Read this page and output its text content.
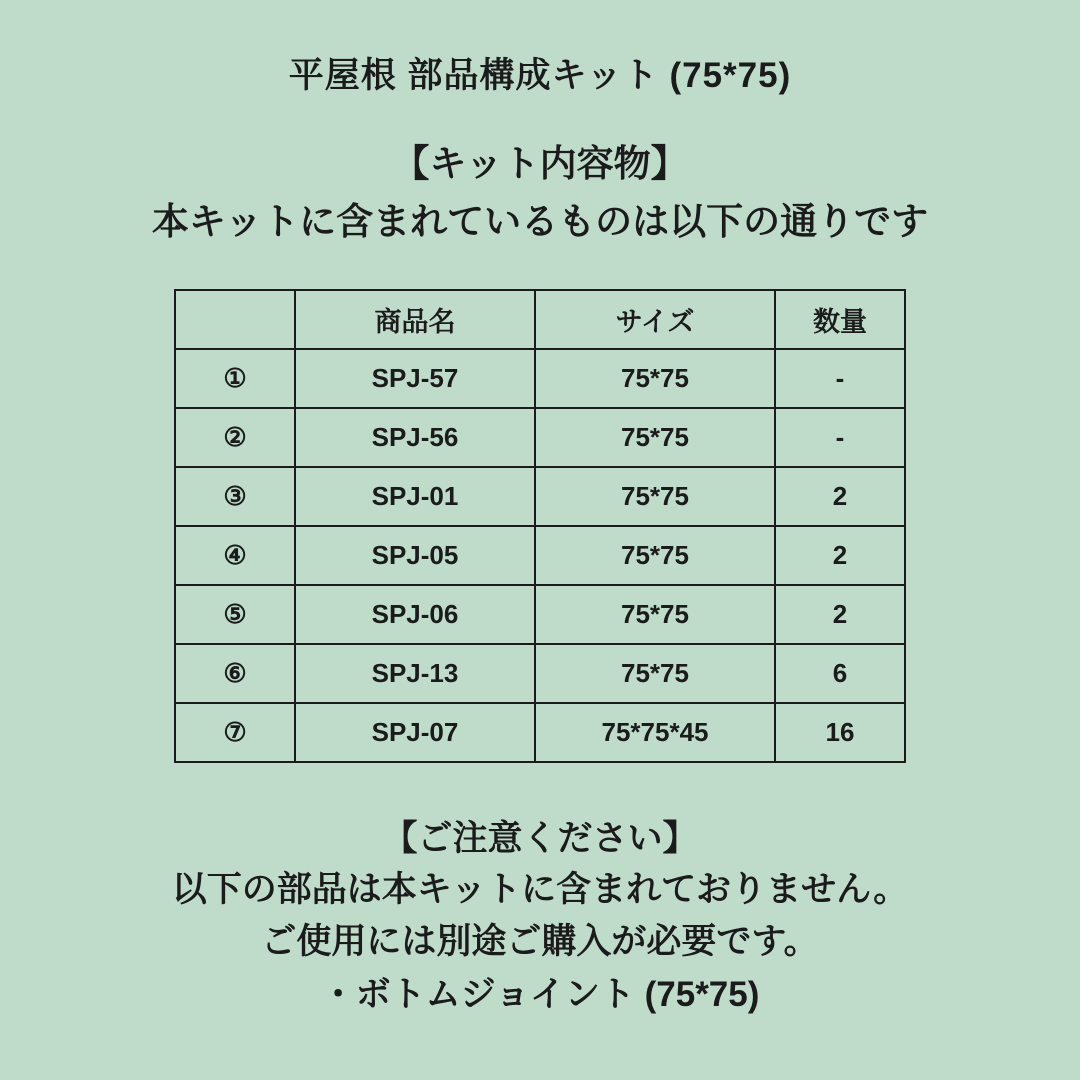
平屋根 部品構成キット (75*75)
【キット内容物】
本キットに含まれているものは以下の通りです
	商品名	サイズ	数量
①	SPJ-57	75*75	-
②	SPJ-56	75*75	-
③	SPJ-01	75*75	2
④	SPJ-05	75*75	2
⑤	SPJ-06	75*75	2
⑥	SPJ-13	75*75	6
⑦	SPJ-07	75*75*45	16
【ご注意ください】
以下の部品は本キットに含まれておりません。
ご使用には別途ご購入が必要です。
・ボトムジョイント (75*75)
